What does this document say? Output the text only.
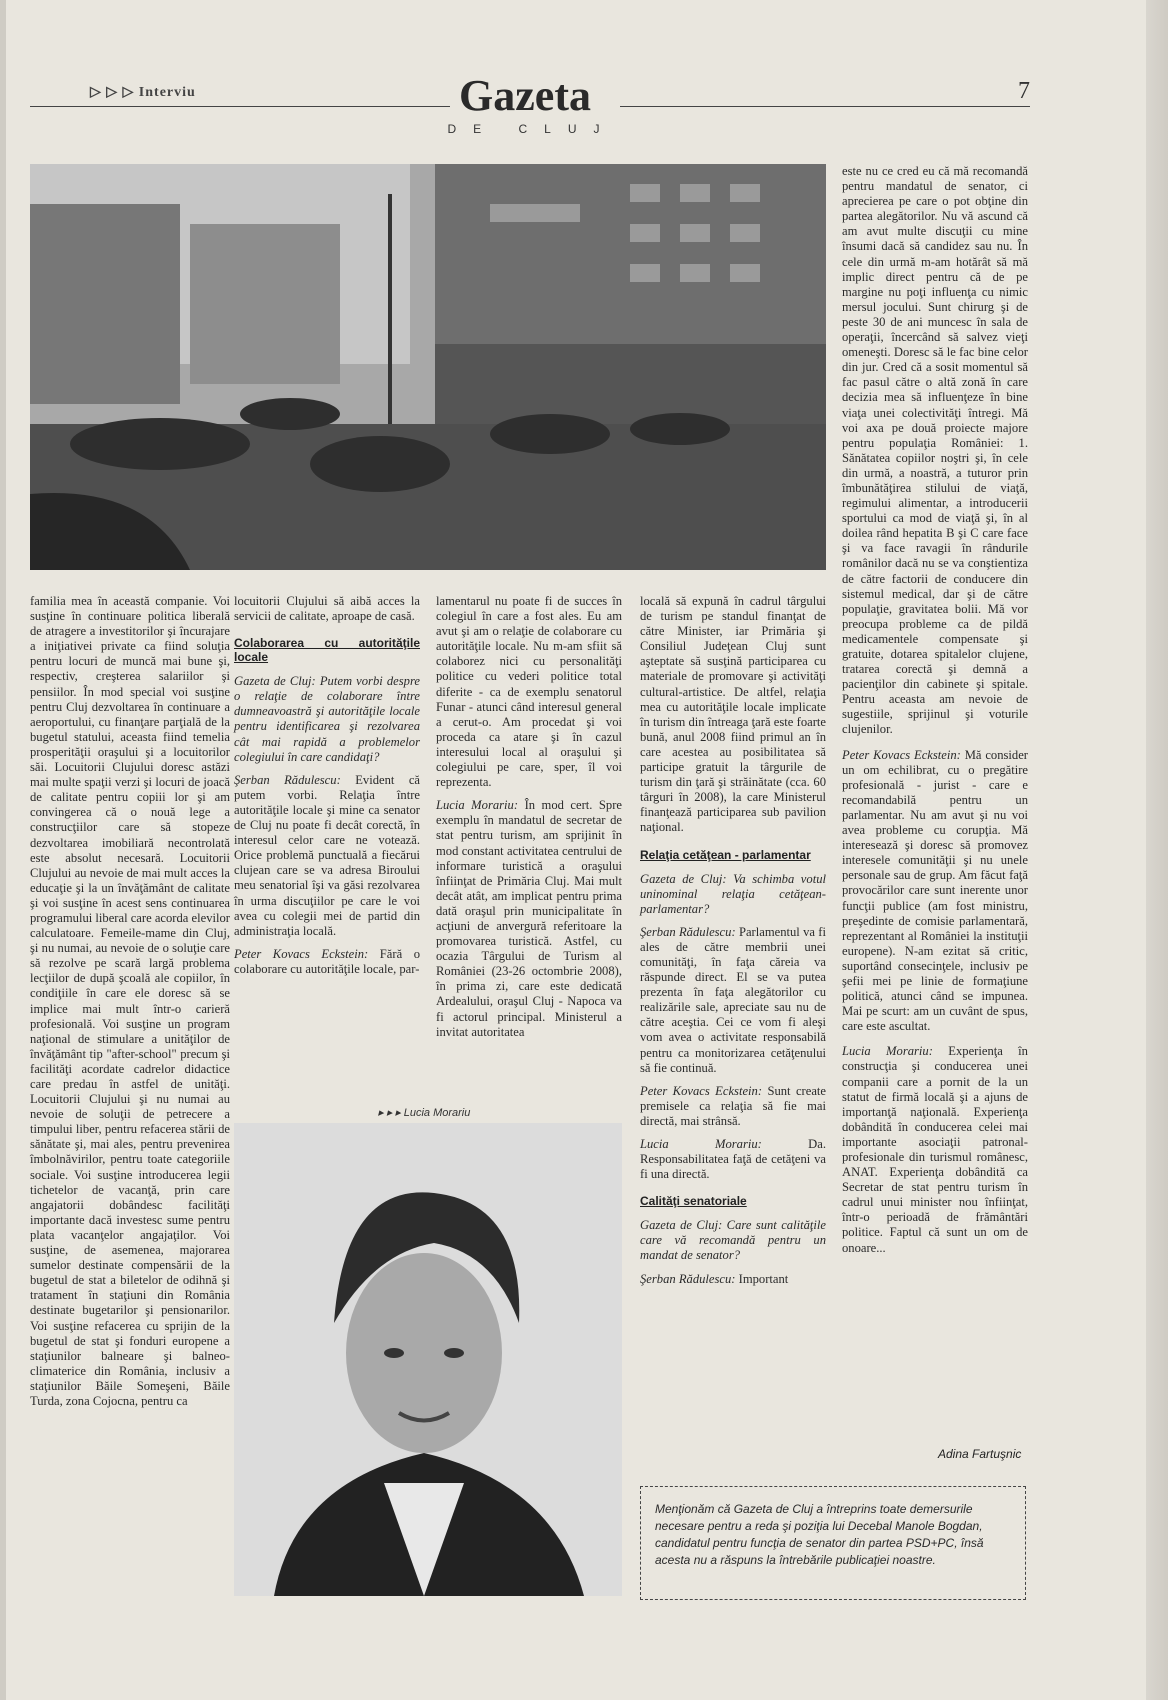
▷ ▷ ▷ Interviu	Gazeta
DE CLUJ
7

familia mea în această companie. Voi susţine în continuare politica liberală de atragere a investitorilor şi încurajare a iniţiativei private ca fiind soluţia pentru locuri de muncă mai bune şi, respectiv, creşterea salariilor şi pensiilor. În mod special voi susţine pentru Cluj dezvoltarea în continuare a aeroportului, cu finanţare parţială de la bugetul statului, aceasta fiind temelia prosperităţii oraşului şi a locuitorilor săi. Locuitorii Clujului doresc astăzi mai multe spaţii verzi şi locuri de joacă de calitate pentru copiii lor şi am convingerea că o nouă lege a construcţiilor care să stopeze dezvoltarea imobiliară necontrolată este absolut necesară. Locuitorii Clujului au nevoie de mai mult acces la educaţie şi la un învăţământ de calitate şi voi susţine în acest sens continuarea programului liberal care acorda elevilor calculatoare. Femeile-mame din Cluj, şi nu numai, au nevoie de o soluţie care să rezolve pe scară largă problema lecţiilor de după şcoală ale copiilor, în condiţiile în care ele doresc să se implice mai mult într-o carieră profesională. Voi susţine un program naţional de stimulare a unităţilor de învăţământ tip "after-school" precum şi facilităţi acordate cadrelor didactice care predau în astfel de unităţi. Locuitorii Clujului şi nu numai au nevoie de soluţii de petrecere a timpului liber, pentru refacerea stării de sănătate şi, mai ales, pentru prevenirea îmbolnăvirilor, pentru toate categoriile sociale. Voi susţine introducerea legii tichetelor de vacanţă, prin care angajatorii dobândesc facilităţi importante dacă investesc sume pentru plata vacanţelor angajaţilor. Voi susţine, de asemenea, majorarea sumelor destinate compensării de la bugetul de stat a biletelor de odihnă şi tratament în staţiuni din România destinate bugetarilor şi pensionarilor. Voi susţine refacerea cu sprijin de la bugetul de stat şi fonduri europene a staţiunilor balneare şi balneo-climaterice din România, inclusiv a staţiunilor Băile Someşeni, Băile Turda, zona Cojocna, pentru ca

locuitorii Clujului să aibă acces la servicii de calitate, aproape de casă.

Colaborarea cu autorităţile locale

Gazeta de Cluj: Putem vorbi despre o relaţie de colaborare între dumneavoastră şi autorităţile locale pentru identificarea şi rezolvarea cât mai rapidă a problemelor colegiului în care candidaţi?

Şerban Rădulescu: Evident că putem vorbi. Relaţia între autorităţile locale şi mine ca senator de Cluj nu poate fi decât corectă, în interesul celor care ne votează. Orice problemă punctuală a fiecărui clujean care se va adresa Biroului meu senatorial îşi va găsi rezolvarea în urma discuţiilor pe care le voi avea cu colegii mei de partid din administraţia locală.

Peter Kovacs Eckstein: Fără o colaborare cu autorităţile locale, par-

lamentarul nu poate fi de succes în colegiul în care a fost ales. Eu am avut şi am o relaţie de colaborare cu autorităţile locale. Nu m-am sfiit să colaborez nici cu personalităţi politice cu vederi politice total diferite - ca de exemplu senatorul Funar - atunci când interesul general a cerut-o. Am procedat şi voi proceda ca atare şi în cazul interesului local al oraşului şi colegiului pe care, sper, îl voi reprezenta.

Lucia Morariu: În mod cert. Spre exemplu în mandatul de secretar de stat pentru turism, am sprijinit în mod constant activitatea centrului de informare turistică a oraşului înfiinţat de Primăria Cluj. Mai mult decât atât, am implicat pentru prima dată oraşul prin municipalitate în acţiuni de anvergură referitoare la promovarea turistică. Astfel, cu ocazia Târgului de Turism al României (23-26 octombrie 2008), în prima zi, care este dedicată Ardealului, oraşul Cluj - Napoca va fi actorul principal. Ministerul a invitat autoritatea

▸ ▸ ▸ Lucia Morariu

locală să expună în cadrul târgului de turism pe standul finanţat de către Minister, iar Primăria şi Consiliul Judeţean Cluj sunt aşteptate să susţină participarea cu materiale de promovare şi activităţi cultural-artistice. De altfel, relaţia mea cu autorităţile locale implicate în turism din întreaga ţară este foarte bună, anul 2008 fiind primul an în care acestea au posibilitatea să participe gratuit la târgurile de turism din ţară şi străinătate (cca. 60 târguri în 2008), la care Ministerul finanţează participarea sub pavilion naţional.

Relaţia cetăţean - parlamentar

Gazeta de Cluj: Va schimba votul uninominal relaţia cetăţean-parlamentar?

Şerban Rădulescu: Parlamentul va fi ales de către membrii unei comunităţi, în faţa căreia va răspunde direct. El se va putea prezenta în faţa alegătorilor cu realizările sale, apreciate sau nu de către aceştia. Cei ce vom fi aleşi vom avea o activitate responsabilă pentru ca monitorizarea cetăţenului să fie continuă.

Peter Kovacs Eckstein: Sunt create premisele ca relaţia să fie mai directă, mai strânsă.

Lucia Morariu:	Da. Responsabilitatea faţă de cetăţeni va fi una directă.

Calităţi senatoriale

Gazeta de Cluj: Care sunt calităţile care vă recomandă pentru un mandat de senator?

Şerban Rădulescu: Important

este nu ce cred eu că mă recomandă pentru mandatul de senator, ci aprecierea pe care o pot obţine din partea alegătorilor. Nu vă ascund că am avut multe discuţii cu mine însumi dacă să candidez sau nu. În cele din urmă m-am hotărât să mă implic direct pentru că de pe margine nu poţi influenţa cu nimic mersul jocului. Sunt chirurg şi de peste 30 de ani muncesc în sala de operaţii, încercând să salvez vieţi omeneşti. Doresc să le fac bine celor din jur. Cred că a sosit momentul să fac pasul către o altă zonă în care decizia mea să influenţeze în bine viaţa unei colectivităţi întregi. Mă voi axa pe două proiecte majore pentru populaţia României: 1. Sănătatea copiilor noştri şi, în cele din urmă, a noastră, a tuturor prin îmbunătăţirea stilului de viaţă, regimului alimentar, a introducerii sportului ca mod de viaţă şi, în al doilea rând hepatita B şi C care face şi va face ravagii în rândurile românilor dacă nu se va conştientiza de către factorii de conducere din sistemul medical, dar şi de către populaţie, gravitatea bolii. Mă vor preocupa probleme ca de pildă medicamentele compensate şi gratuite, dotarea spitalelor clujene, tratarea corectă şi demnă a pacienţilor din cabinete şi spitale. Pentru aceasta am nevoie de sugestiile, sprijinul şi voturile clujenilor.

Peter Kovacs Eckstein: Mă consider un om echilibrat, cu o pregătire profesională - jurist - care e recomandabilă pentru un parlamentar. Nu am avut şi nu voi avea probleme cu corupţia. Mă interesează şi doresc să promovez interesele comunităţii şi nu unele personale sau de grup. Am făcut faţă provocărilor care sunt inerente unor funcţii publice (am fost ministru, preşedinte de comisie parlamentară, reprezentant al României la instituţii europene). N-am ezitat să critic, suportând consecinţele, inclusiv pe şefii mei pe linie de formaţiune politică, atunci când se impunea. Mai pe scurt: am un cuvânt de spus, care este ascultat.

Lucia Morariu: Experienţa în construcţia şi conducerea unei companii care a pornit de la un statut de firmă locală şi a ajuns de importanţă naţională. Experienţa dobândită în conducerea celei mai importante asociaţii patronal-profesionale din turismul românesc, ANAT. Experienţa dobândită ca Secretar de stat pentru turism în cadrul unui minister nou înfiinţat, într-o perioadă de frământări politice. Faptul că sunt un om de onoare...

Adina Fartuşnic

Menţionăm că Gazeta de Cluj a întreprins toate demersurile necesare pentru a reda şi poziţia lui Decebal Manole Bogdan, candidatul pentru funcţia de senator din partea PSD+PC, însă acesta nu a răspuns la întrebările publicaţiei noastre.
